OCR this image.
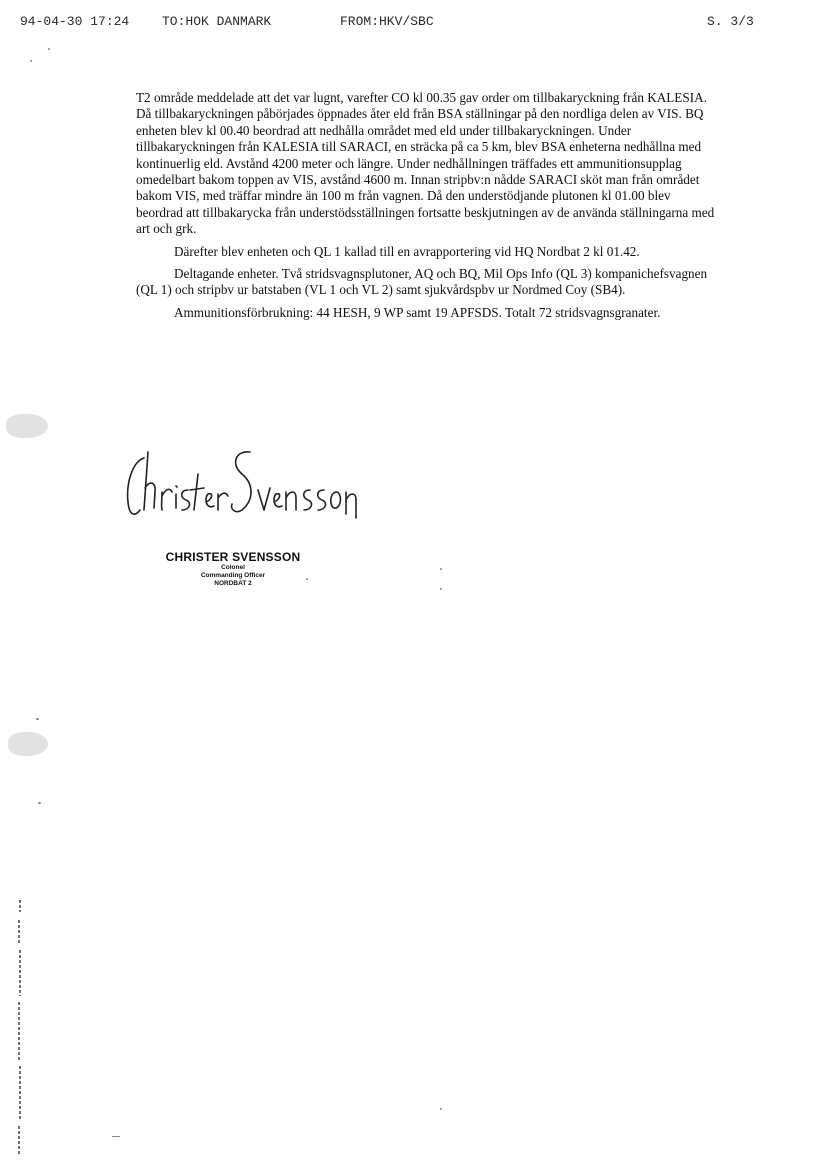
94-04-30 17:24	TO:HOK DANMARK	FROM:HKV/SBC	S. 3/3

T2 område meddelade att det var lugnt, varefter CO kl 00.35 gav order om tillbakaryckning från KALESIA. Då tillbakaryckningen påbörjades öppnades åter eld från BSA ställningar på den nordliga delen av VIS. BQ enheten blev kl 00.40 beordrad att nedhålla området med eld under tillbakaryckningen. Under tillbakaryckningen från KALESIA till SARACI, en sträcka på ca 5 km, blev BSA enheterna nedhållna med kontinuerlig eld. Avstånd 4200 meter och längre. Under nedhållningen träffades ett ammunitionsupplag omedelbart bakom toppen av VIS, avstånd 4600 m. Innan stripbv:n nådde SARACI sköt man från området bakom VIS, med träffar mindre än 100 m från vagnen. Då den understödjande plutonen kl 01.00 blev beordrad att tillbakarycka från understödsställningen fortsatte beskjutningen av de använda ställningarna med art och grk.

Därefter blev enheten och QL 1 kallad till en avrapportering vid HQ Nordbat 2 kl 01.42.

Deltagande enheter. Två stridsvagnsplutoner, AQ och BQ, Mil Ops Info (QL 3) kompanichefsvagnen (QL 1) och stripbv ur batstaben (VL 1 och VL 2) samt sjukvårdspbv ur Nordmed Coy (SB4).

Ammunitionsförbrukning: 44 HESH, 9 WP samt 19 APFSDS. Totalt 72 stridsvagnsgranater.

CHRISTER SVENSSON
Colonel
Commanding Officer
NORDBAT 2
